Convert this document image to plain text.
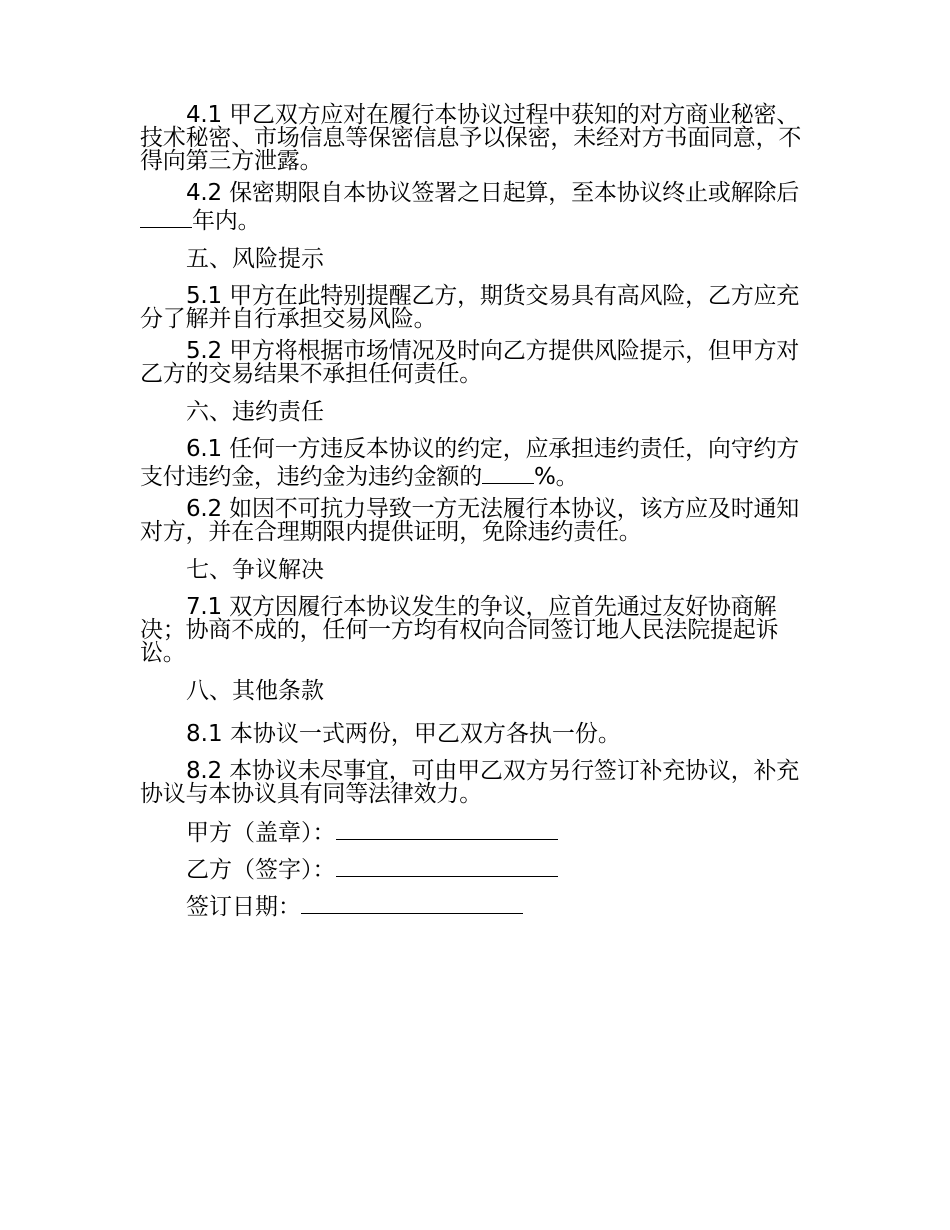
4.1 甲乙双方应对在履行本协议过程中获知的对方商业秘密、技术秘密、市场信息等保密信息予以保密，未经对方书面同意，不得向第三方泄露。

4.2 保密期限自本协议签署之日起算，至本协议终止或解除后年内。

五、风险提示

5.1 甲方在此特别提醒乙方，期货交易具有高风险，乙方应充分了解并自行承担交易风险。

5.2 甲方将根据市场情况及时向乙方提供风险提示，但甲方对乙方的交易结果不承担任何责任。

六、违约责任

6.1 任何一方违反本协议的约定，应承担违约责任，向守约方支付违约金，违约金为违约金额的 %。

6.2 如因不可抗力导致一方无法履行本协议，该方应及时通知对方，并在合理期限内提供证明，免除违约责任。

七、争议解决

7.1 双方因履行本协议发生的争议，应首先通过友好协商解决；协商不成的，任何一方均有权向合同签订地人民法院提起诉讼。

八、其他条款

8.1 本协议一式两份，甲乙双方各执一份。

8.2 本协议未尽事宜，可由甲乙双方另行签订补充协议，补充协议与本协议具有同等法律效力。

甲方（盖章）：

乙方（签字）：

签订日期：
